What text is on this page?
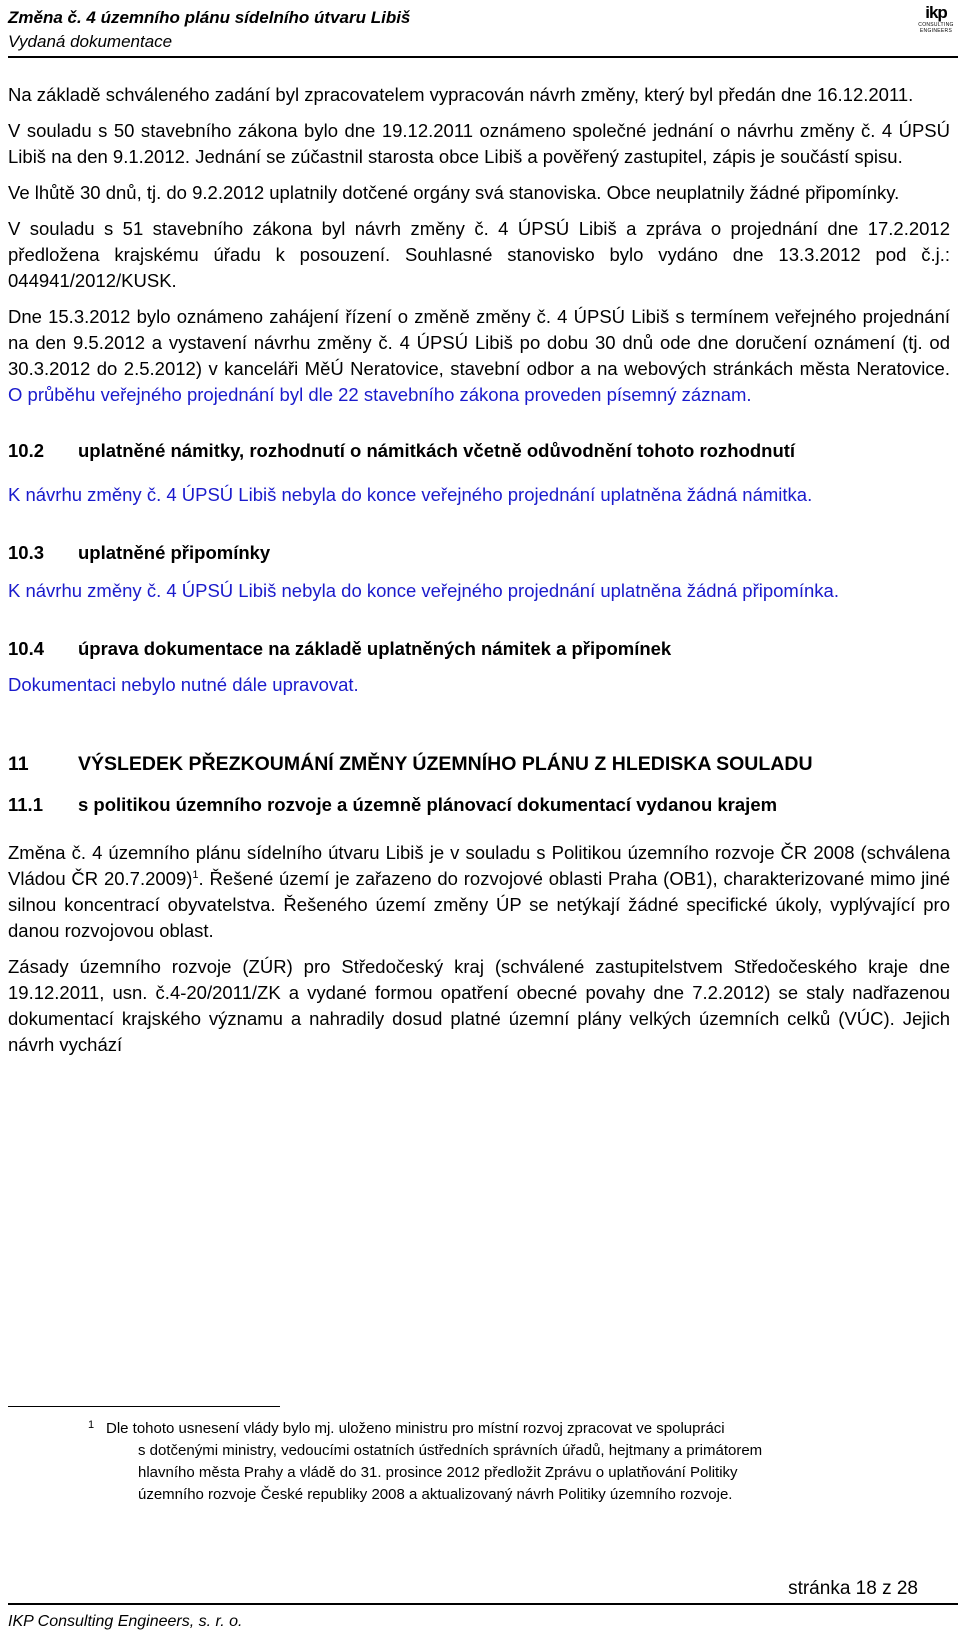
Změna č. 4 územního plánu sídelního útvaru Libiš
Vydaná dokumentace
ikp
CONSULTING
ENGINEERS

Na základě schváleného zadání byl zpracovatelem vypracován návrh změny, který byl předán dne 16.12.2011.

V souladu s 50 stavebního zákona bylo dne 19.12.2011 oznámeno společné jednání o návrhu změny č. 4 ÚPSÚ Libiš na den 9.1.2012. Jednání se zúčastnil starosta obce Libiš a pověřený zastupitel, zápis je součástí spisu.

Ve lhůtě 30 dnů, tj. do 9.2.2012 uplatnily dotčené orgány svá stanoviska. Obce neuplatnily žádné připomínky.

V souladu s 51 stavebního zákona byl návrh změny č. 4 ÚPSÚ Libiš a zpráva o projednání dne 17.2.2012 předložena krajskému úřadu k posouzení. Souhlasné stanovisko bylo vydáno dne 13.3.2012 pod č.j.: 044941/2012/KUSK.

Dne 15.3.2012 bylo oznámeno zahájení řízení o změně změny č. 4 ÚPSÚ Libiš s termínem veřejného projednání na den 9.5.2012 a vystavení návrhu změny č. 4 ÚPSÚ Libiš po dobu 30 dnů ode dne doručení oznámení (tj. od 30.3.2012 do 2.5.2012) v kanceláři MěÚ Neratovice, stavební odbor a na webových stránkách města Neratovice. O průběhu veřejného projednání byl dle 22 stavebního zákona proveden písemný záznam.

10.2	uplatněné námitky, rozhodnutí o námitkách včetně odůvodnění tohoto rozhodnutí

K návrhu změny č. 4 ÚPSÚ Libiš nebyla do konce veřejného projednání uplatněna žádná námitka.

10.3	uplatněné připomínky

K návrhu změny č. 4 ÚPSÚ Libiš nebyla do konce veřejného projednání uplatněna žádná připomínka.

10.4	úprava dokumentace na základě uplatněných námitek a připomínek

Dokumentaci nebylo nutné dále upravovat.

11	VÝSLEDEK PŘEZKOUMÁNÍ ZMĚNY ÚZEMNÍHO PLÁNU Z HLEDISKA SOULADU
11.1	s politikou územního rozvoje a územně plánovací dokumentací vydanou krajem

Změna č. 4 územního plánu sídelního útvaru Libiš je v souladu s Politikou územního rozvoje ČR 2008 (schválena Vládou ČR 20.7.2009)$^1$. Řešené území je zařazeno do rozvojové oblasti Praha (OB1), charakterizované mimo jiné silnou koncentrací obyvatelstva. Řešeného území změny ÚP se netýkají žádné specifické úkoly, vyplývající pro danou rozvojovou oblast.

Zásady územního rozvoje (ZÚR) pro Středočeský kraj (schválené zastupitelstvem Středočeského kraje dne 19.12.2011, usn. č.4-20/2011/ZK a vydané formou opatření obecné povahy dne 7.2.2012) se staly nadřazenou dokumentací krajského významu a nahradily dosud platné územní plány velkých územních celků (VÚC). Jejich návrh vychází

1 Dle tohoto usnesení vlády bylo mj. uloženo ministru pro místní rozvoj zpracovat ve spolupráci
s dotčenými ministry, vedoucími ostatních ústředních správních úřadů, hejtmany a primátorem
hlavního města Prahy a vládě do 31. prosince 2012 předložit Zprávu o uplatňování Politiky
územního rozvoje České republiky 2008 a aktualizovaný návrh Politiky územního rozvoje.
stránka 18 z 28
IKP Consulting Engineers, s. r. o.
